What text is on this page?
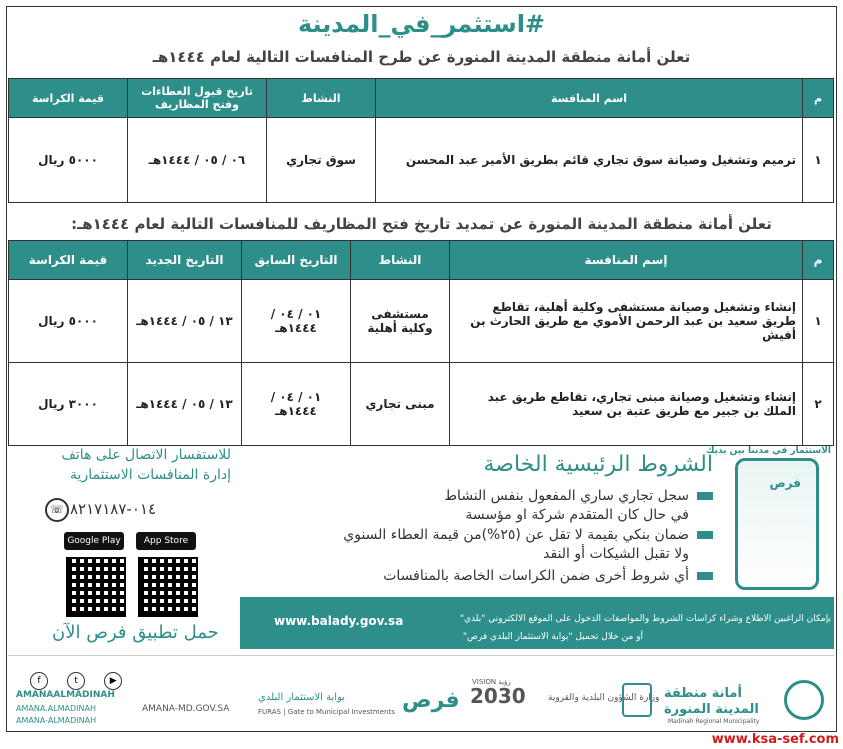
#استثمر_في_المدينة
تعلن أمانة منطقة المدينة المنورة عن طرح المنافسات التالية لعام ١٤٤٤هـ
م	اسم المنافسة	النشاط	تاريخ قبول العطاءات وفتح المظاريف	قيمة الكراسة
١	ترميم وتشغيل وصيانة سوق تجاري قائم بطريق الأمير عبد المحسن	سوق تجاري	٠٦ / ٠٥ / ١٤٤٤هـ	٥٠٠٠ ريال
تعلن أمانة منطقة المدينة المنورة عن تمديد تاريخ فتح المظاريف للمنافسات التالية لعام ١٤٤٤هـ:
م	إسم المنافسة	النشاط	التاريخ السابق	التاريخ الجديد	قيمة الكراسة
١	إنشاء وتشغيل وصيانة مستشفى وكلية أهلية، تقاطع طريق سعيد بن عبد الرحمن الأموي مع طريق الحارث بن أفيش	مستشفى وكلية أهلية	٠١ / ٠٤ / ١٤٤٤هـ	١٣ / ٠٥ / ١٤٤٤هـ	٥٠٠٠ ريال
٢	إنشاء وتشغيل وصيانة مبنى تجاري، تقاطع طريق عبد الملك بن جبير مع طريق عتبة بن سعيد	مبنى تجاري	٠١ / ٠٤ / ١٤٤٤هـ	١٣ / ٠٥ / ١٤٤٤هـ	٣٠٠٠ ريال
للاستفسار الاتصال على هاتف
إدارة المنافسات الاستثمارية
☏ ٠١٤-٨٢١٧١٨٧
Google Play	App Store
الشروط الرئيسية الخاصة
سجل تجاري ساري المفعول بنفس النشاط
في حال كان المتقدم شركة او مؤسسة
ضمان بنكي بقيمة لا تقل عن (٢٥%)من قيمة العطاء السنوي
ولا تقبل الشيكات أو النقد
أي شروط أخرى ضمن الكراسات الخاصة بالمنافسات
الاستثمار في مدننا بين يديك
فرص
بإمكان الراغبين الاطلاع وشراء كراسات الشروط والمواصفات الدخول على الموقع الالكتروني "بلدي"
أو من خلال تحميل "بوابة الاستثمار البلدي فرص"
www.balady.gov.sa
حمل تطبيق فرص الآن
f	t	▶
AMANAALMADINAH
AMANA.ALMADINAH
AMANA-ALMADINAH
AMANA-MD.GOV.SA
بوابة الاستثمار البلدي
FURAS | Gate to Municipal Investments فرص
VISION رؤية
2030 وزارة الشؤون البلدية والقروية أمانة منطقة
المدينة المنورة
Madinah Regional Municipality
www.ksa-sef.com
